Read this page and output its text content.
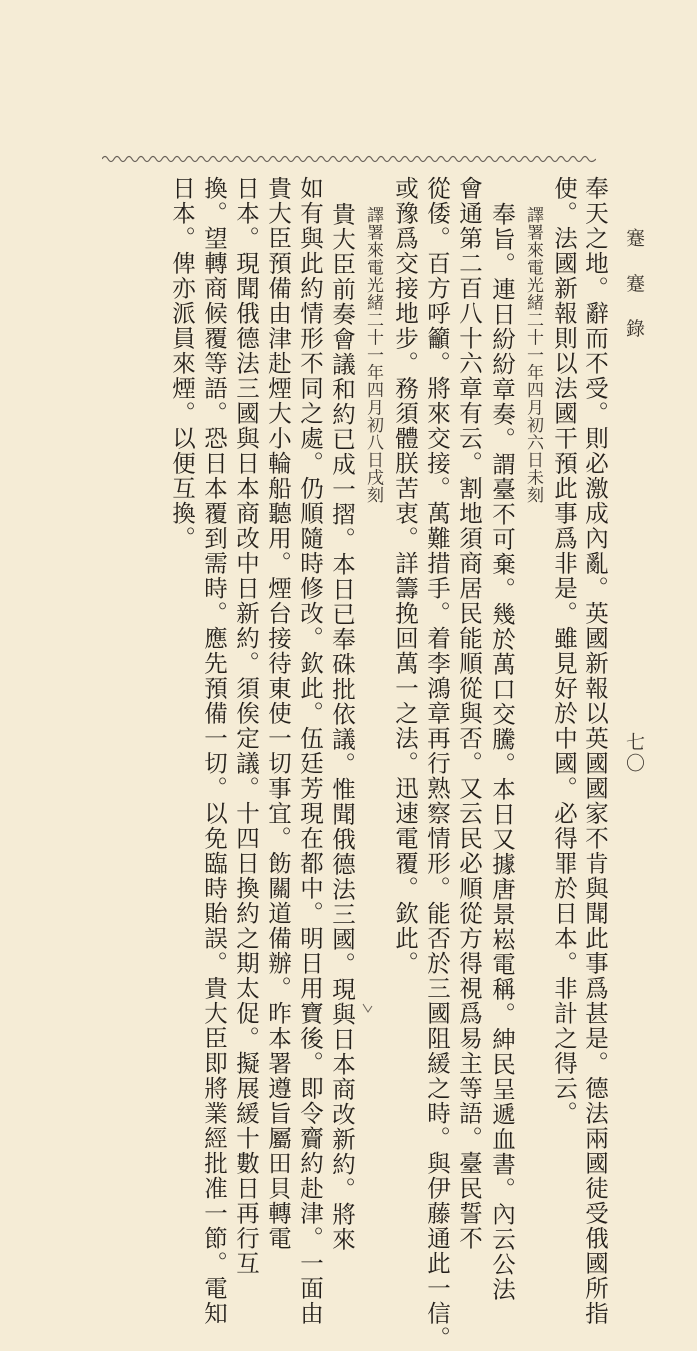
蹇 蹇 錄
七〇
奉天之地。辭而不受。則必激成內亂。英國新報以英國國家不肯與聞此事爲甚是。德法兩國徒受俄國所指
使。法國新報則以法國干預此事爲非是。雖見好於中國。必得罪於日本。非計之得云。
譯署來電光緒二十一年四月初六日未刻
奉旨。連日紛紛章奏。謂臺不可棄。幾於萬口交騰。本日又據唐景崧電稱。紳民呈遞血書。內云公法
會通第二百八十六章有云。割地須商居民能順從與否。又云民必順從方得視爲易主等語。臺民誓不
從倭。百方呼籲。將來交接。萬難措手。着李鴻章再行熟察情形。能否於三國阻緩之時。與伊藤通此一信。
或豫爲交接地步。務須體朕苦衷。詳籌挽回萬一之法。迅速電覆。欽此。
譯署來電光緒二十一年四月初八日戌刻
貴大臣前奏會議和約已成一摺。本日已奉硃批依議。惟聞俄德法三國。現與日本商改新約。將來
如有與此約情形不同之處。仍順隨時修改。欽此。伍廷芳現在都中。明日用寶後。即令齎約赴津。一面由
貴大臣預備由津赴煙大小輪船聽用。煙台接待東使一切事宜。飭關道備辦。昨本署遵旨屬田貝轉電
日本。現聞俄德法三國與日本商改中日新約。須俟定議。十四日換約之期太促。擬展緩十數日再行互
換。望轉商候覆等語。恐日本覆到需時。應先預備一切。以免臨時貽誤。貴大臣即將業經批准一節。電知
日本。俾亦派員來煙。以便互換。
